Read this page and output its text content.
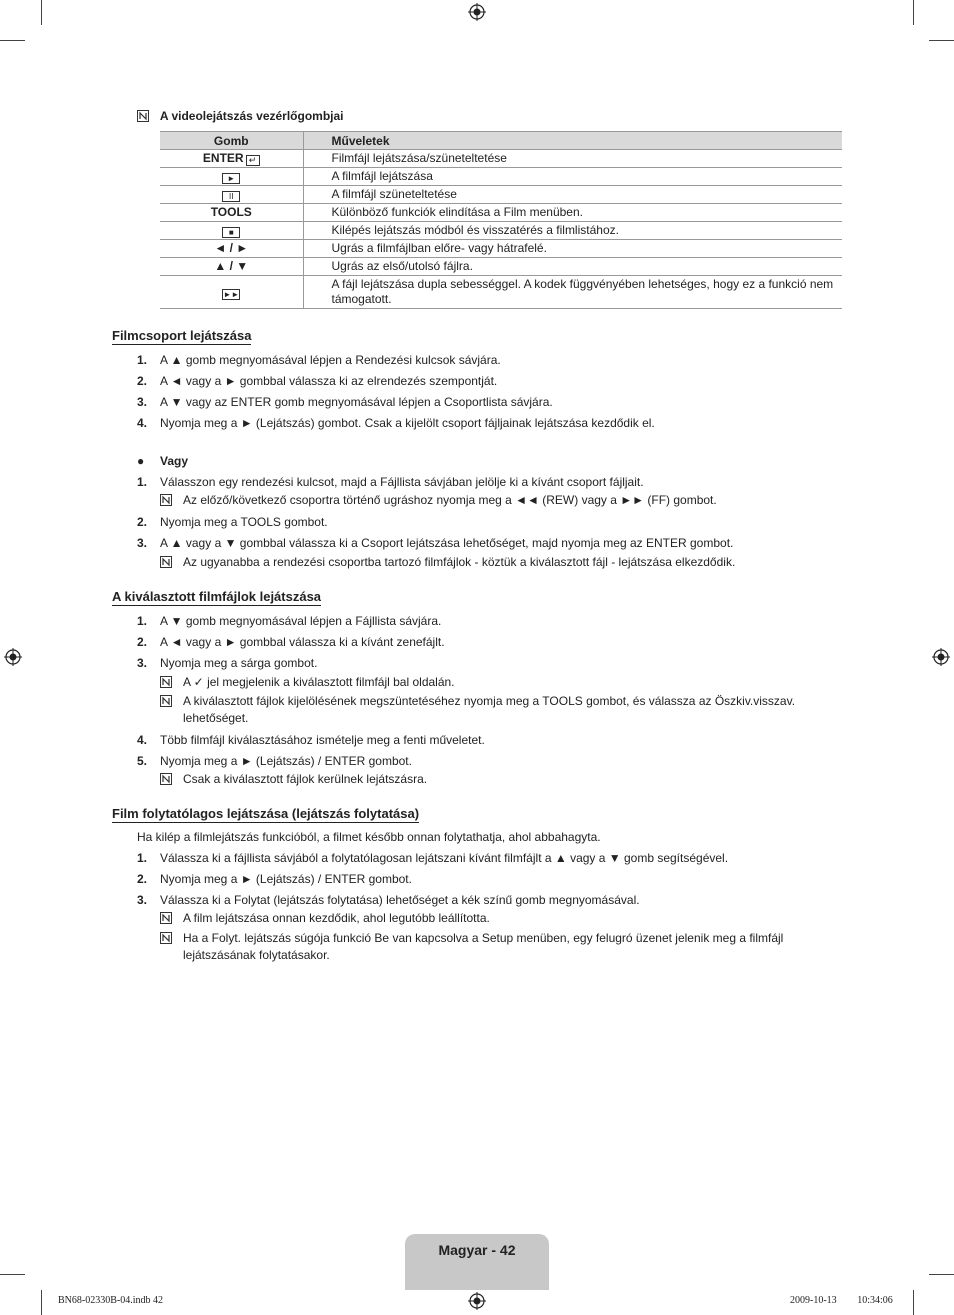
A videolejátszás vezérlőgombjai
Gomb	Műveletek
ENTER ↵	Filmfájl lejátszása/szüneteltetése
►	A filmfájl lejátszása
II	A filmfájl szüneteltetése
TOOLS	Különböző funkciók elindítása a Film menüben.
■	Kilépés lejátszás módból és visszatérés a filmlistához.
◄ / ►	Ugrás a filmfájlban előre- vagy hátrafelé.
▲ / ▼	Ugrás az első/utolsó fájlra.
►►	A fájl lejátszása dupla sebességgel. A kodek függvényében lehetséges, hogy ez a funkció nem támogatott.
Filmcsoport lejátszása
1. A ▲ gomb megnyomásával lépjen a Rendezési kulcsok sávjára.
2. A ◄ vagy a ► gombbal válassza ki az elrendezés szempontját.
3. A ▼ vagy az ENTER gomb megnyomásával lépjen a Csoportlista sávjára.
4. Nyomja meg a ► (Lejátszás) gombot. Csak a kijelölt csoport fájljainak lejátszása kezdődik el.
● Vagy
1. Válasszon egy rendezési kulcsot, majd a Fájllista sávjában jelölje ki a kívánt csoport fájljait.
Az előző/következő csoportra történő ugráshoz nyomja meg a ◄◄ (REW) vagy a ►► (FF) gombot.
2. Nyomja meg a TOOLS gombot.
3. A ▲ vagy a ▼ gombbal válassza ki a Csoport lejátszása lehetőséget, majd nyomja meg az ENTER gombot.
Az ugyanabba a rendezési csoportba tartozó filmfájlok - köztük a kiválasztott fájl - lejátszása elkezdődik.
A kiválasztott filmfájlok lejátszása
1. A ▼ gomb megnyomásával lépjen a Fájllista sávjára.
2. A ◄ vagy a ► gombbal válassza ki a kívánt zenefájlt.
3. Nyomja meg a sárga gombot.
A ✓ jel megjelenik a kiválasztott filmfájl bal oldalán.
A kiválasztott fájlok kijelölésének megszüntetéséhez nyomja meg a TOOLS gombot, és válassza az Öszkiv.visszav. lehetőséget.
4. Több filmfájl kiválasztásához ismételje meg a fenti műveletet.
5. Nyomja meg a ► (Lejátszás) / ENTER gombot.
Csak a kiválasztott fájlok kerülnek lejátszásra.
Film folytatólagos lejátszása (lejátszás folytatása)
Ha kilép a filmlejátszás funkcióból, a filmet később onnan folytathatja, ahol abbahagyta.
1. Válassza ki a fájllista sávjából a folytatólagosan lejátszani kívánt filmfájlt a ▲ vagy a ▼ gomb segítségével.
2. Nyomja meg a ► (Lejátszás) / ENTER gombot.
3. Válassza ki a Folytat (lejátszás folytatása) lehetőséget a kék színű gomb megnyomásával.
A film lejátszása onnan kezdődik, ahol legutóbb leállította.
Ha a Folyt. lejátszás súgója funkció Be van kapcsolva a Setup menüben, egy felugró üzenet jelenik meg a filmfájl lejátszásának folytatásakor.
Magyar - 42
BN68-02330B-04.indb 42	2009-10-13 ￿￿ 10:34:06
